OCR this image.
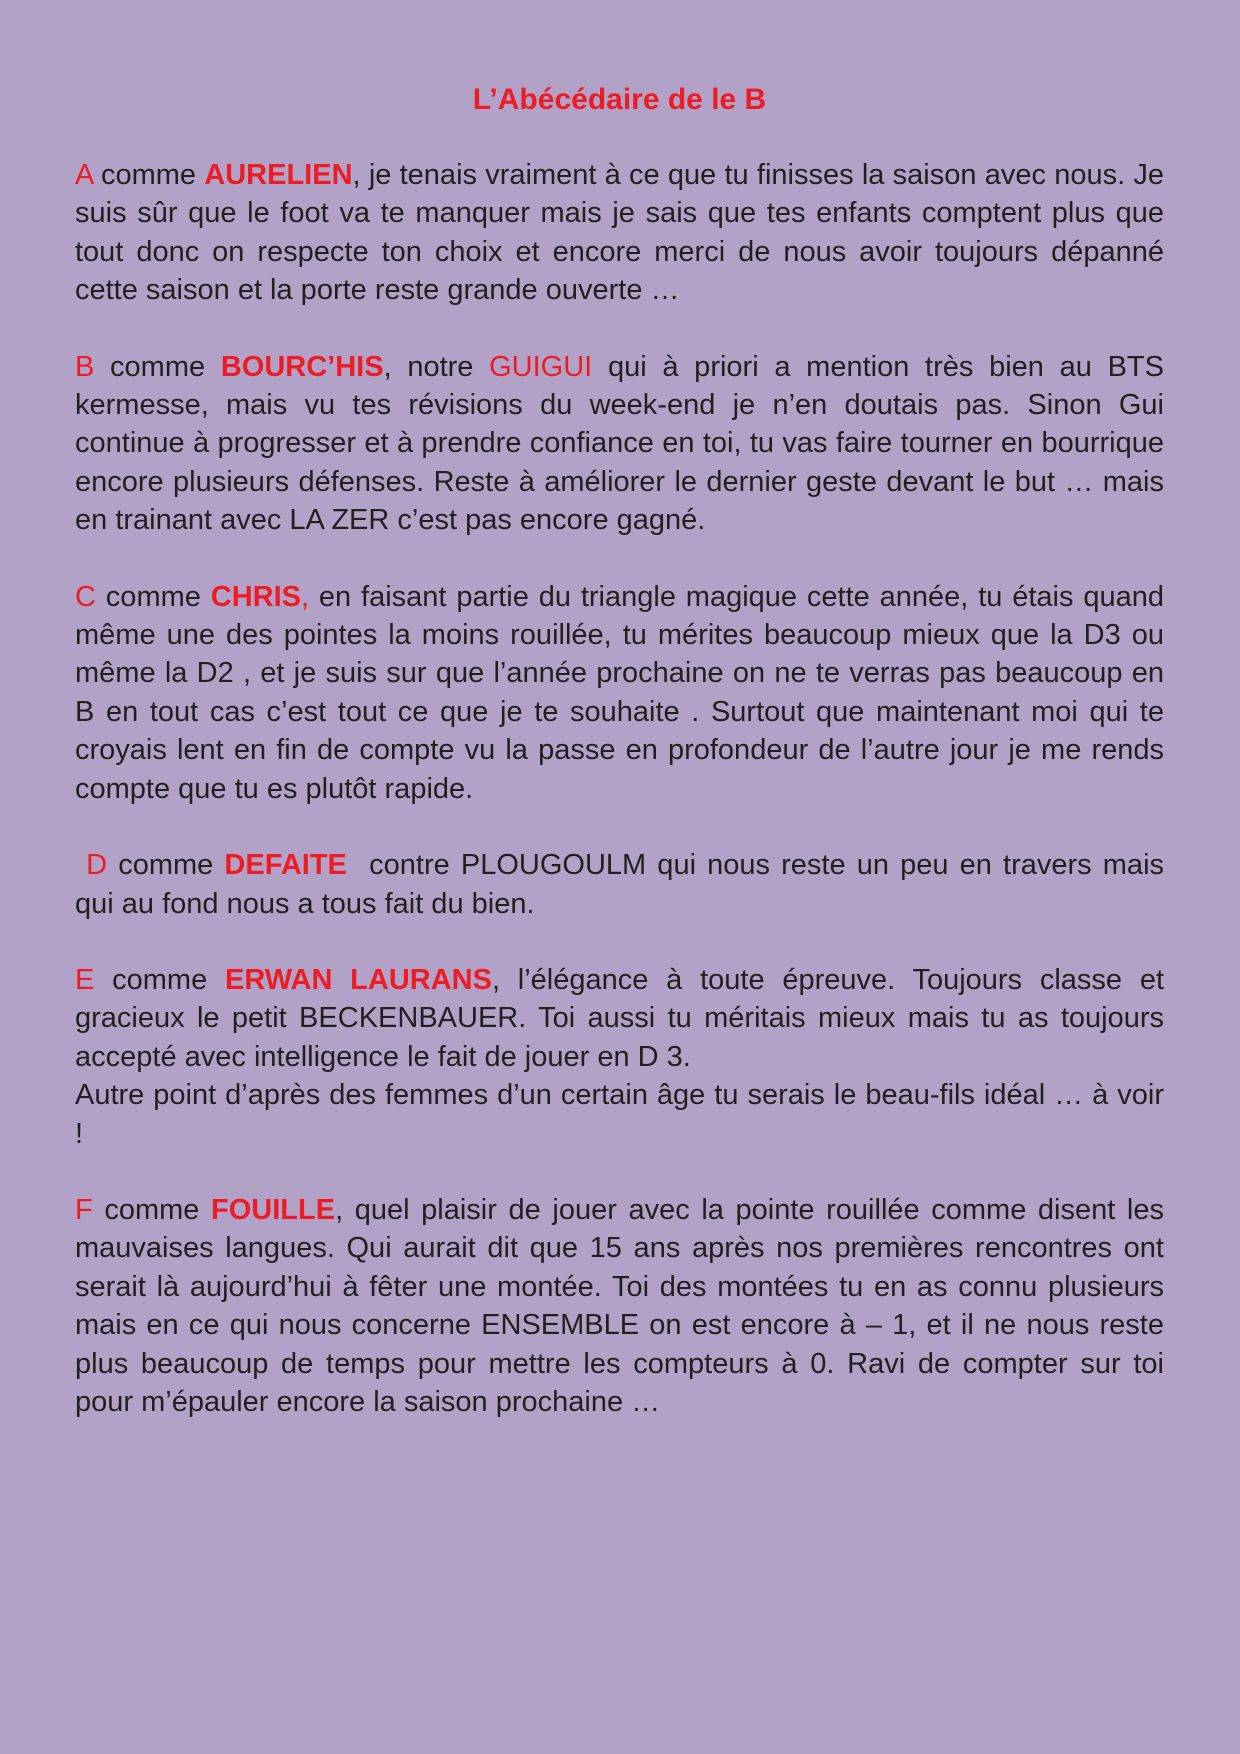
L’Abécédaire de le B

A comme AURELIEN, je tenais vraiment à ce que tu finisses la saison avec nous. Je suis sûr que le foot va te manquer mais je sais que tes enfants comptent plus que tout donc on respecte ton choix et encore merci de nous avoir toujours dépanné cette saison et la porte reste grande ouverte …

B comme BOURC’HIS, notre GUIGUI qui à priori a mention très bien au BTS kermesse, mais vu tes révisions du week-end je n’en doutais pas. Sinon Gui continue à progresser et à prendre confiance en toi, tu vas faire tourner en bourrique encore plusieurs défenses. Reste à améliorer le dernier geste devant le but … mais en trainant avec LA ZER c’est pas encore gagné.

C comme CHRIS, en faisant partie du triangle magique cette année, tu étais quand même une des pointes la moins rouillée, tu mérites beaucoup mieux que la D3 ou même la D2 , et je suis sur que l’année prochaine on ne te verras pas beaucoup en B en tout cas c’est tout ce que je te souhaite . Surtout que maintenant moi qui te croyais lent en fin de compte vu la passe en profondeur de l’autre jour je me rends compte que tu es plutôt rapide.

D comme DEFAITE  contre PLOUGOULM qui nous reste un peu en travers mais qui au fond nous a tous fait du bien.

E comme ERWAN LAURANS, l’élégance à toute épreuve. Toujours classe et gracieux le petit BECKENBAUER. Toi aussi tu méritais mieux mais tu as toujours accepté avec intelligence le fait de jouer en D 3.
Autre point d’après des femmes d’un certain âge tu serais le beau-fils idéal … à voir !

F comme FOUILLE, quel plaisir de jouer avec la pointe rouillée comme disent les mauvaises langues. Qui aurait dit que 15 ans après nos premières rencontres ont serait là aujourd’hui à fêter une montée. Toi des montées tu en as connu plusieurs mais en ce qui nous concerne ENSEMBLE on est encore à – 1, et il ne nous reste plus beaucoup de temps pour mettre les compteurs à 0. Ravi de compter sur toi pour m’épauler encore la saison prochaine …
